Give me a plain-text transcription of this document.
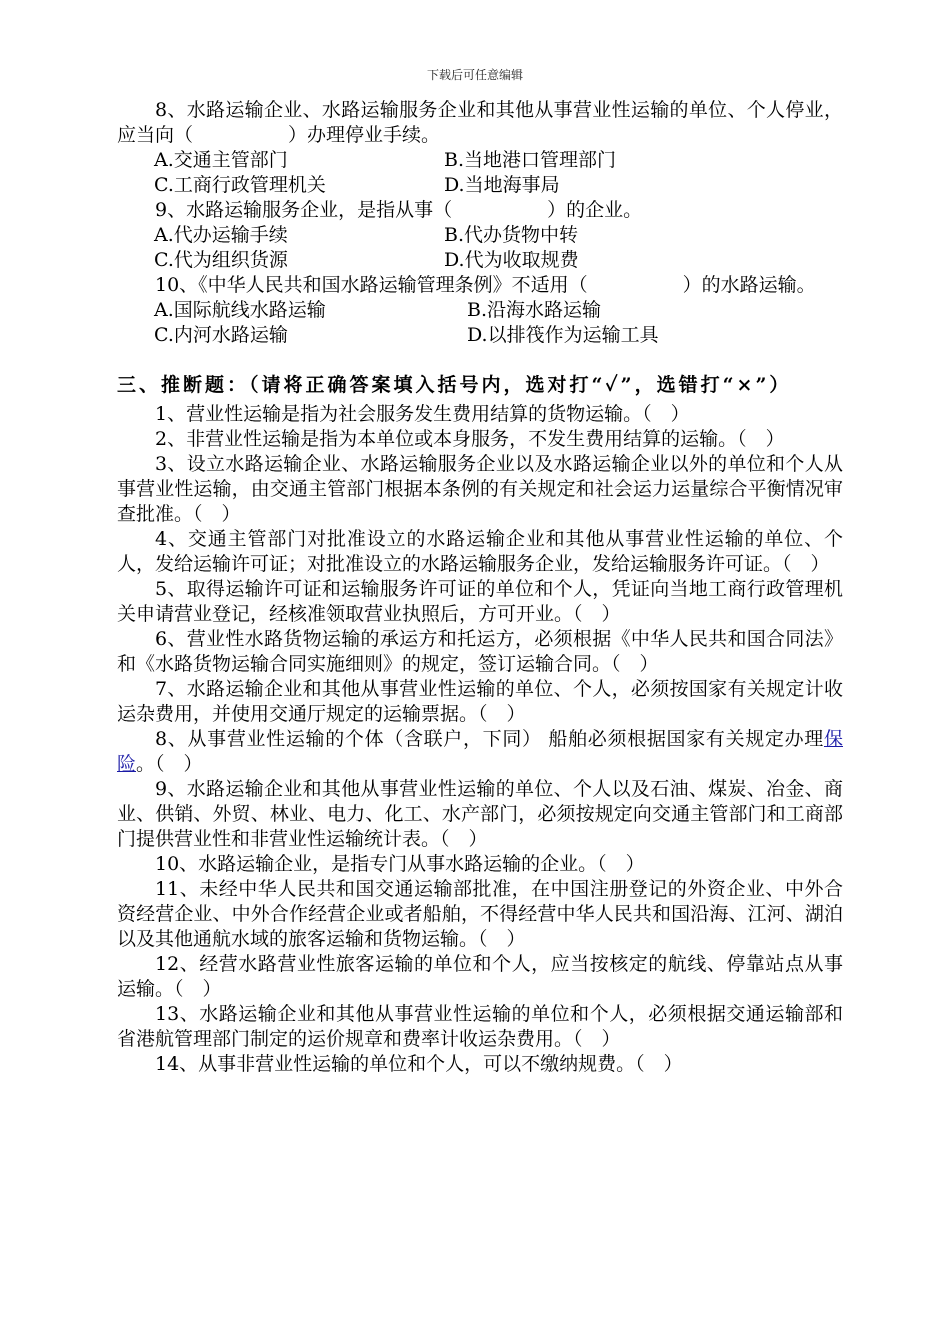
下载后可任意编辑

8、水路运输企业、水路运输服务企业和其他从事营业性运输的单位、个人停业，应当向（　　　　　）办理停业手续。

A.交通主管部门	B.当地港口管理部门

C.工商行政管理机关	D.当地海事局

9、水路运输服务企业，是指从事（　　　　　）的企业。

A.代办运输手续	B.代办货物中转

C.代为组织货源	D.代为收取规费

10、《中华人民共和国水路运输管理条例》不适用（　　　　　）的水路运输。

A.国际航线水路运输	B.沿海水路运输

C.内河水路运输	D.以排筏作为运输工具

三、推断题：（请将正确答案填入括号内，选对打“✓”，选错打“×”）

1、营业性运输是指为社会服务发生费用结算的货物运输。（　）

2、非营业性运输是指为本单位或本身服务，不发生费用结算的运输。（　）

3、设立水路运输企业、水路运输服务企业以及水路运输企业以外的单位和个人从事营业性运输，由交通主管部门根据本条例的有关规定和社会运力运量综合平衡情况审查批准。（　）

4、交通主管部门对批准设立的水路运输企业和其他从事营业性运输的单位、个人，发给运输许可证；对批准设立的水路运输服务企业，发给运输服务许可证。（　）

5、取得运输许可证和运输服务许可证的单位和个人，凭证向当地工商行政管理机关申请营业登记，经核准领取营业执照后，方可开业。（　）

6、营业性水路货物运输的承运方和托运方，必须根据《中华人民共和国合同法》和《水路货物运输合同实施细则》的规定，签订运输合同。（　）

7、水路运输企业和其他从事营业性运输的单位、个人，必须按国家有关规定计收运杂费用，并使用交通厅规定的运输票据。（　）

8、从事营业性运输的个体（含联户，下同） 船舶必须根据国家有关规定办理保险。（　）

9、水路运输企业和其他从事营业性运输的单位、个人以及石油、煤炭、冶金、商业、供销、外贸、林业、电力、化工、水产部门，必须按规定向交通主管部门和工商部门提供营业性和非营业性运输统计表。（　）

10、水路运输企业，是指专门从事水路运输的企业。（　）

11、未经中华人民共和国交通运输部批准，在中国注册登记的外资企业、中外合资经营企业、中外合作经营企业或者船舶，不得经营中华人民共和国沿海、江河、湖泊以及其他通航水域的旅客运输和货物运输。（　）

12、经营水路营业性旅客运输的单位和个人，应当按核定的航线、停靠站点从事运输。（　）

13、水路运输企业和其他从事营业性运输的单位和个人，必须根据交通运输部和省港航管理部门制定的运价规章和费率计收运杂费用。（　）

14、从事非营业性运输的单位和个人，可以不缴纳规费。（　）
